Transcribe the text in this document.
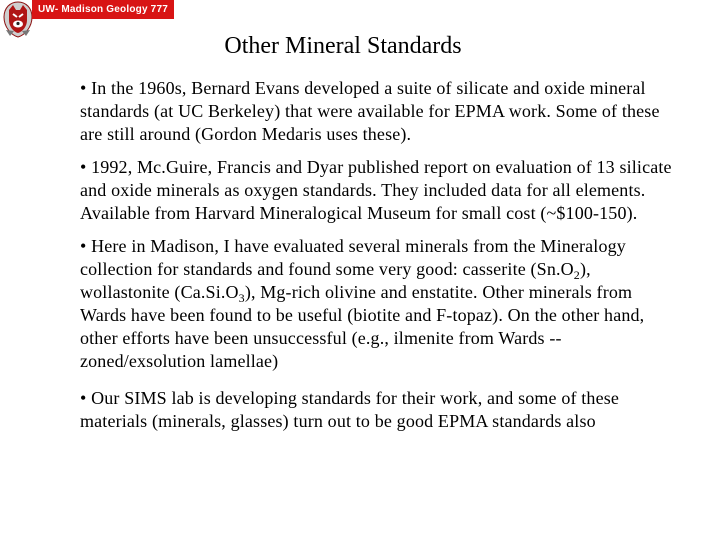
UW- Madison Geology 777
Other Mineral Standards
• In the 1960s, Bernard Evans developed a suite of silicate and oxide mineral standards (at UC Berkeley) that were available for EPMA work. Some of these are still around (Gordon Medaris uses these).
• 1992, Mc.Guire, Francis and Dyar published report on evaluation of 13 silicate and oxide minerals as oxygen standards. They included data for all elements. Available from Harvard Mineralogical Museum for small cost (~$100-150).
• Here in Madison, I have evaluated several minerals from the Mineralogy collection for standards and found some very good: casserite $(Sn.O_2)$, wollastonite $(Ca.Si.O_3)$, Mg-rich olivine and enstatite. Other minerals from Wards have been found to be useful (biotite and F-topaz). On the other hand, other efforts have been unsuccessful (e.g., ilmenite from Wards -- zoned/exsolution lamellae)
• Our SIMS lab is developing standards for their work, and some of these materials (minerals, glasses) turn out to be good EPMA standards also
